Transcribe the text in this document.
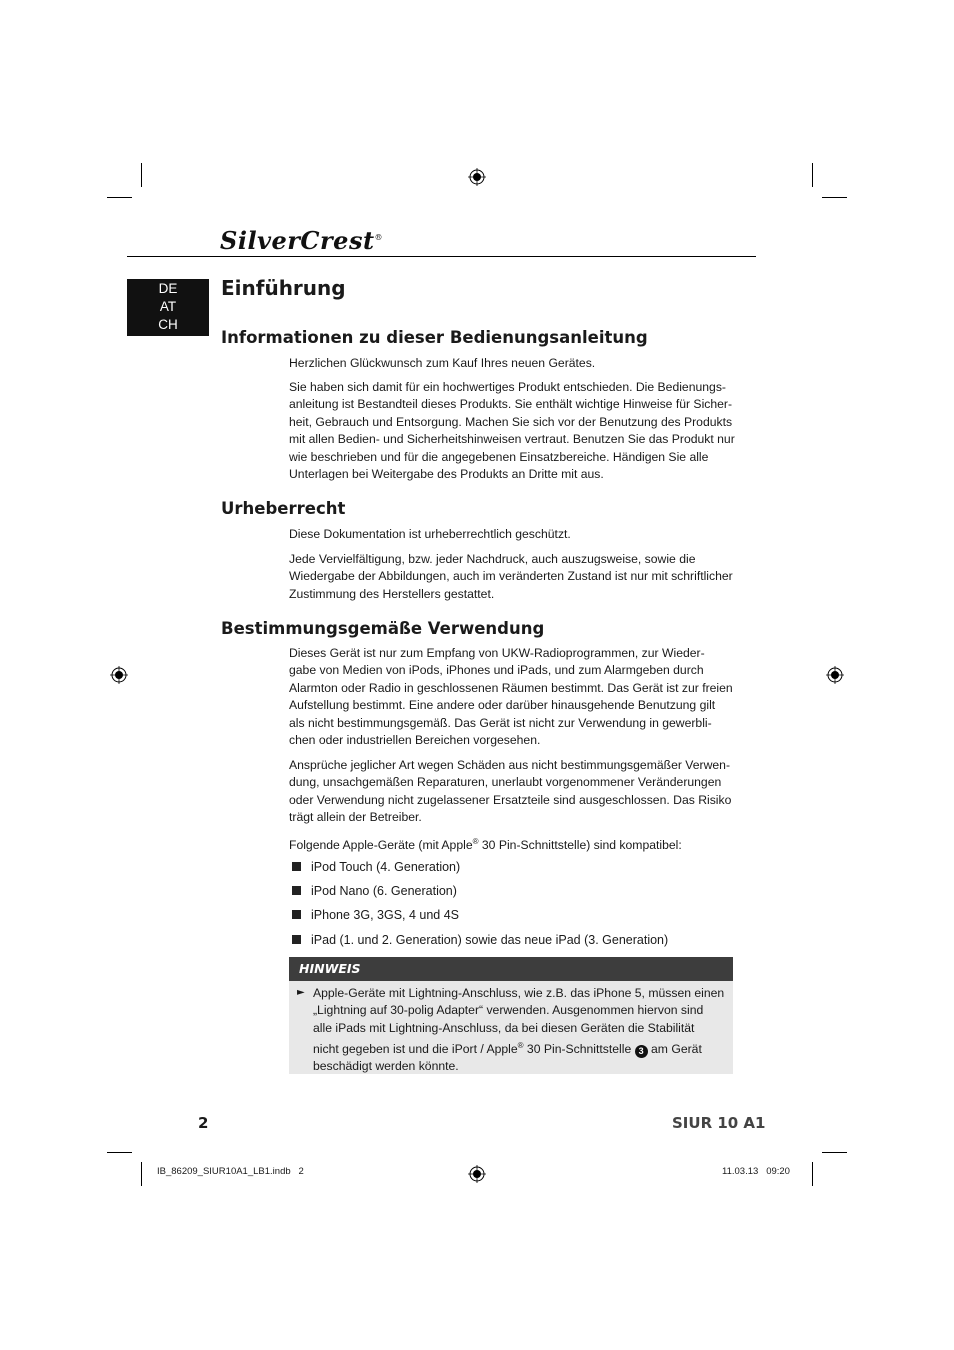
SilverCrest®
DE
AT
CH
Einführung
Informationen zu dieser Bedienungsanleitung

Herzlichen Glückwunsch zum Kauf Ihres neuen Gerätes.

Sie haben sich damit für ein hochwertiges Produkt entschieden. Die Bedienungs-
anleitung ist Bestandteil dieses Produkts. Sie enthält wichtige Hinweise für Sicher-
heit, Gebrauch und Entsorgung. Machen Sie sich vor der Benutzung des Produkts
mit allen Bedien- und Sicherheitshinweisen vertraut. Benutzen Sie das Produkt nur
wie beschrieben und für die angegebenen Einsatzbereiche. Händigen Sie alle
Unterlagen bei Weitergabe des Produkts an Dritte mit aus.
Urheberrecht

Diese Dokumentation ist urheberrechtlich geschützt.

Jede Vervielfältigung, bzw. jeder Nachdruck, auch auszugsweise, sowie die
Wiedergabe der Abbildungen, auch im veränderten Zustand ist nur mit schriftlicher
Zustimmung des Herstellers gestattet.
Bestimmungsgemäße Verwendung
Dieses Gerät ist nur zum Empfang von UKW-Radioprogrammen, zur Wieder-
gabe von Medien von iPods, iPhones und iPads, und zum Alarmgeben durch
Alarmton oder Radio in geschlossenen Räumen bestimmt. Das Gerät ist zur freien
Aufstellung bestimmt. Eine andere oder darüber hinausgehende Benutzung gilt
als nicht bestimmungsgemäß. Das Gerät ist nicht zur Verwendung in gewerbli-
chen oder industriellen Bereichen vorgesehen.
Ansprüche jeglicher Art wegen Schäden aus nicht bestimmungsgemäßer Verwen-
dung, unsachgemäßen Reparaturen, unerlaubt vorgenommener Veränderungen
oder Verwendung nicht zugelassener Ersatzteile sind ausgeschlossen. Das Risiko
trägt allein der Betreiber.

Folgende Apple-Geräte (mit Apple® 30 Pin-Schnittstelle) sind kompatibel:

iPod Touch (4. Generation)
iPod Nano (6. Generation)
iPhone 3G, 3GS, 4 und 4S
iPad (1. und 2. Generation) sowie das neue iPad (3. Generation)
HINWEIS
► Apple-Geräte mit Lightning-Anschluss, wie z.B. das iPhone 5, müssen einen
„Lightning auf 30-polig Adapter“ verwenden. Ausgenommen hiervon sind
alle iPads mit Lightning-Anschluss, da bei diesen Geräten die Stabilität
nicht gegeben ist und die iPort / Apple® 30 Pin-Schnittstelle 3 am Gerät
beschädigt werden könnte.
2	SIUR 10 A1
IB_86209_SIUR10A1_LB1.indb   2	11.03.13   09:20
